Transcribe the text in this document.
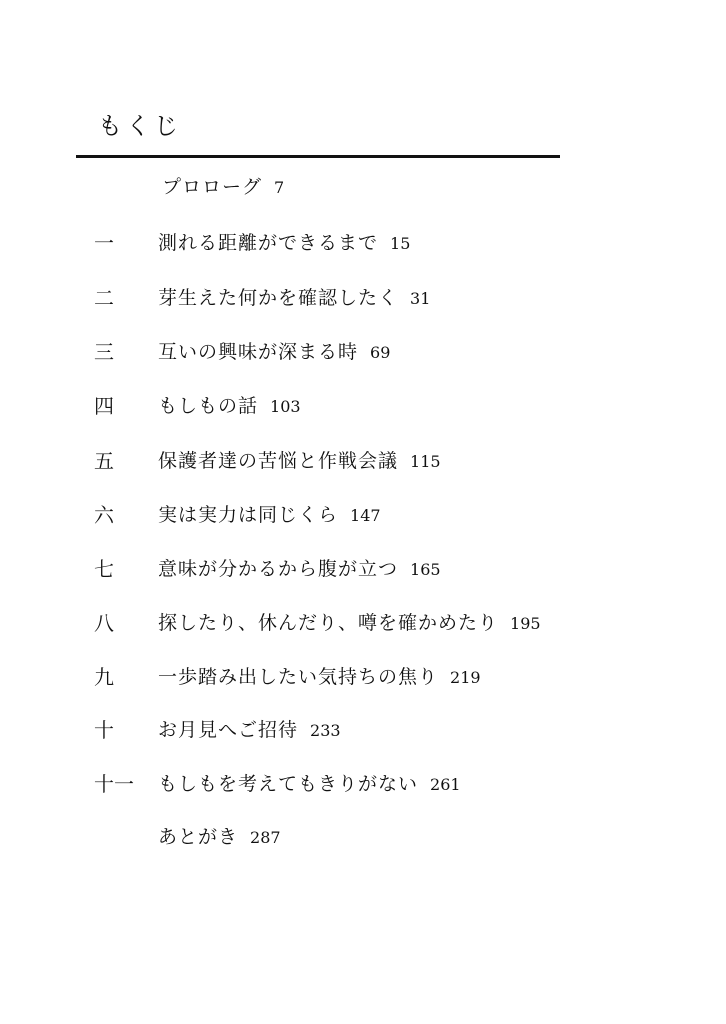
もくじ
プロローグ 7
一 測れる距離ができるまで 15
二 芽生えた何かを確認したく 31
三 互いの興味が深まる時 69
四 もしもの話 103
五 保護者達の苦悩と作戦会議 115
六 実は実力は同じくら 147
七 意味が分かるから腹が立つ 165
八 探したり、休んだり、噂を確かめたり 195
九 一歩踏み出したい気持ちの焦り 219
十 お月見へご招待 233
十一 もしもを考えてもきりがない 261
あとがき 287
